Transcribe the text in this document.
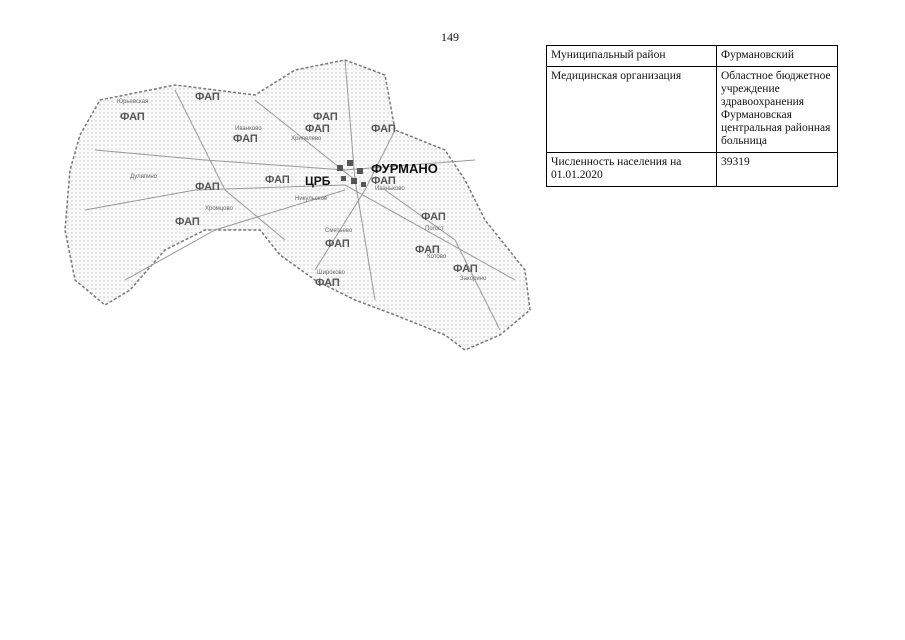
149
ФАП
ФАП
ФАП
ФАП
ФАП
ФАП
ФАП
ФАП
ФАП
ФАП
ФАП
ФАП	ФАП
ФАП
ФАП
ЦРБ
ФУРМАНО
Юрьевская
Дуляпино
Хромцово
Иванково
Никульское
Иваньково
Погост
Котово
Закорино
Широково
Сметьево
Хрипелево
Муниципальный район	Фурмановский
Медицинская организация	Областное бюджетное учреждение здравоохранения Фурмановская центральная районная больница
Численность населения на 01.01.2020	39319
